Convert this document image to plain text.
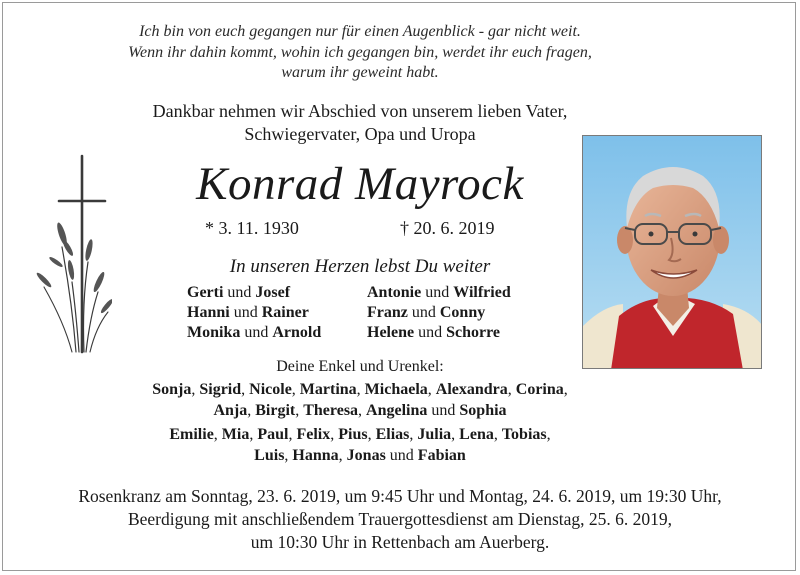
Ich bin von euch gegangen nur für einen Augenblick - gar nicht weit.
Wenn ihr dahin kommt, wohin ich gegangen bin, werdet ihr euch fragen,
warum ihr geweint habt.
Dankbar nehmen wir Abschied von unserem lieben Vater,
Schwiegervater, Opa und Uropa
Konrad Mayrock
* 3. 11. 1930	† 20. 6. 2019
In unseren Herzen lebst Du weiter
Gerti und Josef
Hanni und Rainer
Monika und Arnold
Antonie und Wilfried
Franz und Conny
Helene und Schorre
Deine Enkel und Urenkel:
Sonja, Sigrid, Nicole, Martina, Michaela, Alexandra, Corina,
Anja, Birgit, Theresa, Angelina und Sophia
Emilie, Mia, Paul, Felix, Pius, Elias, Julia, Lena, Tobias,
Luis, Hanna, Jonas und Fabian
Rosenkranz am Sonntag, 23. 6. 2019, um 9:45 Uhr und Montag, 24. 6. 2019, um 19:30 Uhr,
Beerdigung mit anschließendem Trauergottesdienst am Dienstag, 25. 6. 2019,
um 10:30 Uhr in Rettenbach am Auerberg.
